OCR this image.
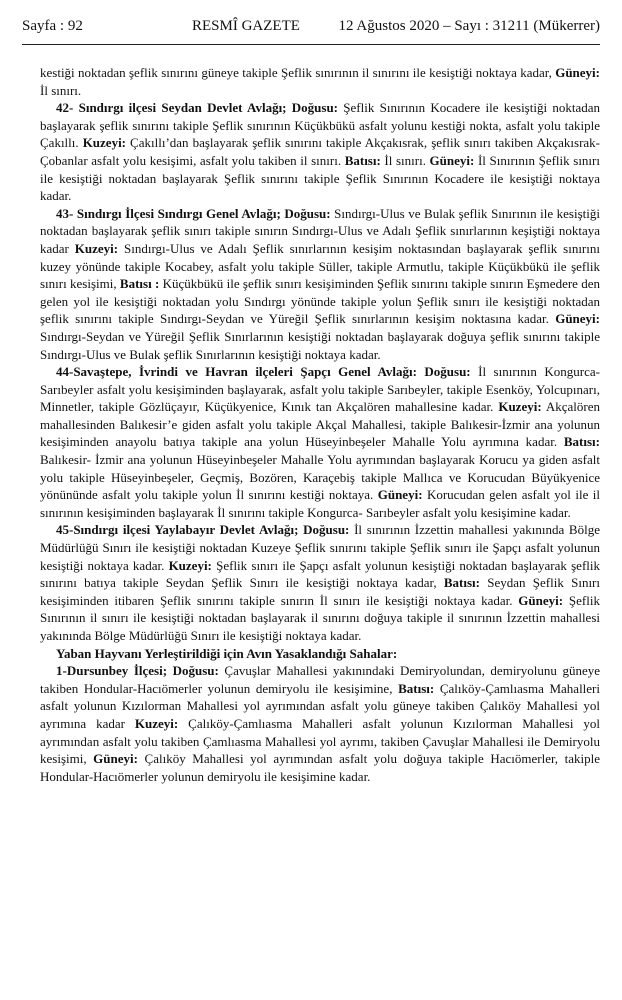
Sayfa : 92	RESMÎ GAZETE	12 Ağustos 2020 – Sayı : 31211 (Mükerrer)

kestiği noktadan şeflik sınırını güneye takiple Şeflik sınırının il sınırını ile kesiştiği noktaya kadar, Güneyi: İl sınırı.

42- Sındırgı ilçesi Seydan Devlet Avlağı; Doğusu: Şeflik Sınırının Kocadere ile kesiştiği noktadan başlayarak şeflik sınırını takiple Şeflik sınırının Küçükbükü asfalt yolunu kestiği nokta, asfalt yolu takiple Çakıllı. Kuzeyi: Çakıllı’dan başlayarak şeflik sınırını takiple Akçakısrak, şeflik sınırı takiben Akçakısrak-Çobanlar asfalt yolu kesişimi, asfalt yolu takiben il sınırı. Batısı: İl sınırı. Güneyi: İl Sınırının Şeflik sınırı ile kesiştiği noktadan başlayarak Şeflik sınırını takiple Şeflik Sınırının Kocadere ile kesiştiği noktaya kadar.

43- Sındırgı İlçesi Sındırgı Genel Avlağı; Doğusu: Sındırgı-Ulus ve Bulak şeflik Sınırının ile kesiştiği noktadan başlayarak şeflik sınırı takiple sınırın Sındırgı-Ulus ve Adalı Şeflik sınırlarının keşiştiği noktaya kadar Kuzeyi: Sındırgı-Ulus ve Adalı Şeflik sınırlarının kesişim noktasından başlayarak şeflik sınırını kuzey yönünde takiple Kocabey, asfalt yolu takiple Süller, takiple Armutlu, takiple Küçükbükü ile şeflik sınırı kesişimi, Batısı : Küçükbükü ile şeflik sınırı kesişiminden Şeflik sınırını takiple sınırın Eşmedere den gelen yol ile kesiştiği noktadan yolu Sındırgı yönünde takiple yolun Şeflik sınırı ile kesiştiği noktadan şeflik sınırını takiple Sındırgı-Seydan ve Yüreğil Şeflik sınırlarının kesişim noktasına kadar. Güneyi: Sındırgı-Seydan ve Yüreğil Şeflik Sınırlarının kesiştiği noktadan başlayarak doğuya şeflik sınırını takiple Sındırgı-Ulus ve Bulak şeflik Sınırlarının kesiştiği noktaya kadar.

44-Savaştepe, İvrindi ve Havran ilçeleri Şapçı Genel Avlağı: Doğusu: İl sınırının Kongurca-Sarıbeyler asfalt yolu kesişiminden başlayarak, asfalt yolu takiple Sarıbeyler, takiple Esenköy, Yolcupınarı, Minnetler, takiple Gözlüçayır, Küçükyenice, Kınık tan Akçalören mahallesine kadar. Kuzeyi: Akçalören mahallesinden Balıkesir’e giden asfalt yolu takiple Akçal Mahallesi, takiple Balıkesir-İzmir ana yolunun kesişiminden anayolu batıya takiple ana yolun Hüseyinbeşeler Mahalle Yolu ayrımına kadar. Batısı: Balıkesir- İzmir ana yolunun Hüseyinbeşeler Mahalle Yolu ayrımından başlayarak Korucu ya giden asfalt yolu takiple Hüseyinbeşeler, Geçmiş, Bozören, Karaçebiş takiple Mallıca ve Korucudan Büyükyenice yönününde asfalt yolu takiple yolun İl sınırını kestiği noktaya. Güneyi: Korucudan gelen asfalt yol ile il sınırının kesişiminden başlayarak İl sınırını takiple Kongurca- Sarıbeyler asfalt yolu kesişimine kadar.

45-Sındırgı ilçesi Yaylabayır Devlet Avlağı; Doğusu: İl sınırının İzzettin mahallesi yakınında Bölge Müdürlüğü Sınırı ile kesiştiği noktadan Kuzeye Şeflik sınırını takiple Şeflik sınırı ile Şapçı asfalt yolunun kesiştiği noktaya kadar. Kuzeyi: Şeflik sınırı ile Şapçı asfalt yolunun kesiştiği noktadan başlayarak şeflik sınırını batıya takiple Seydan Şeflik Sınırı ile kesiştiği noktaya kadar, Batısı: Seydan Şeflik Sınırı kesişiminden itibaren Şeflik sınırını takiple sınırın İl sınırı ile kesiştiği noktaya kadar. Güneyi: Şeflik Sınırının il sınırı ile kesiştiği noktadan başlayarak il sınırını doğuya takiple il sınırının İzzettin mahallesi yakınında Bölge Müdürlüğü Sınırı ile kesiştiği noktaya kadar.

Yaban Hayvanı Yerleştirildiği için Avın Yasaklandığı Sahalar:

1-Dursunbey İlçesi; Doğusu: Çavuşlar Mahallesi yakınındaki Demiryolundan, demiryolunu güneye takiben Hondular-Hacıömerler yolunun demiryolu ile kesişimine, Batısı: Çalıköy-Çamlıasma Mahalleri asfalt yolunun Kızılorman Mahallesi yol ayrımından asfalt yolu güneye takiben Çalıköy Mahallesi yol ayrımına kadar Kuzeyi: Çalıköy-Çamlıasma Mahalleri asfalt yolunun Kızılorman Mahallesi yol ayrımından asfalt yolu takiben Çamlıasma Mahallesi yol ayrımı, takiben Çavuşlar Mahallesi ile Demiryolu kesişimi, Güneyi: Çalıköy Mahallesi yol ayrımından asfalt yolu doğuya takiple Hacıömerler, takiple Hondular-Hacıömerler yolunun demiryolu ile kesişimine kadar.
